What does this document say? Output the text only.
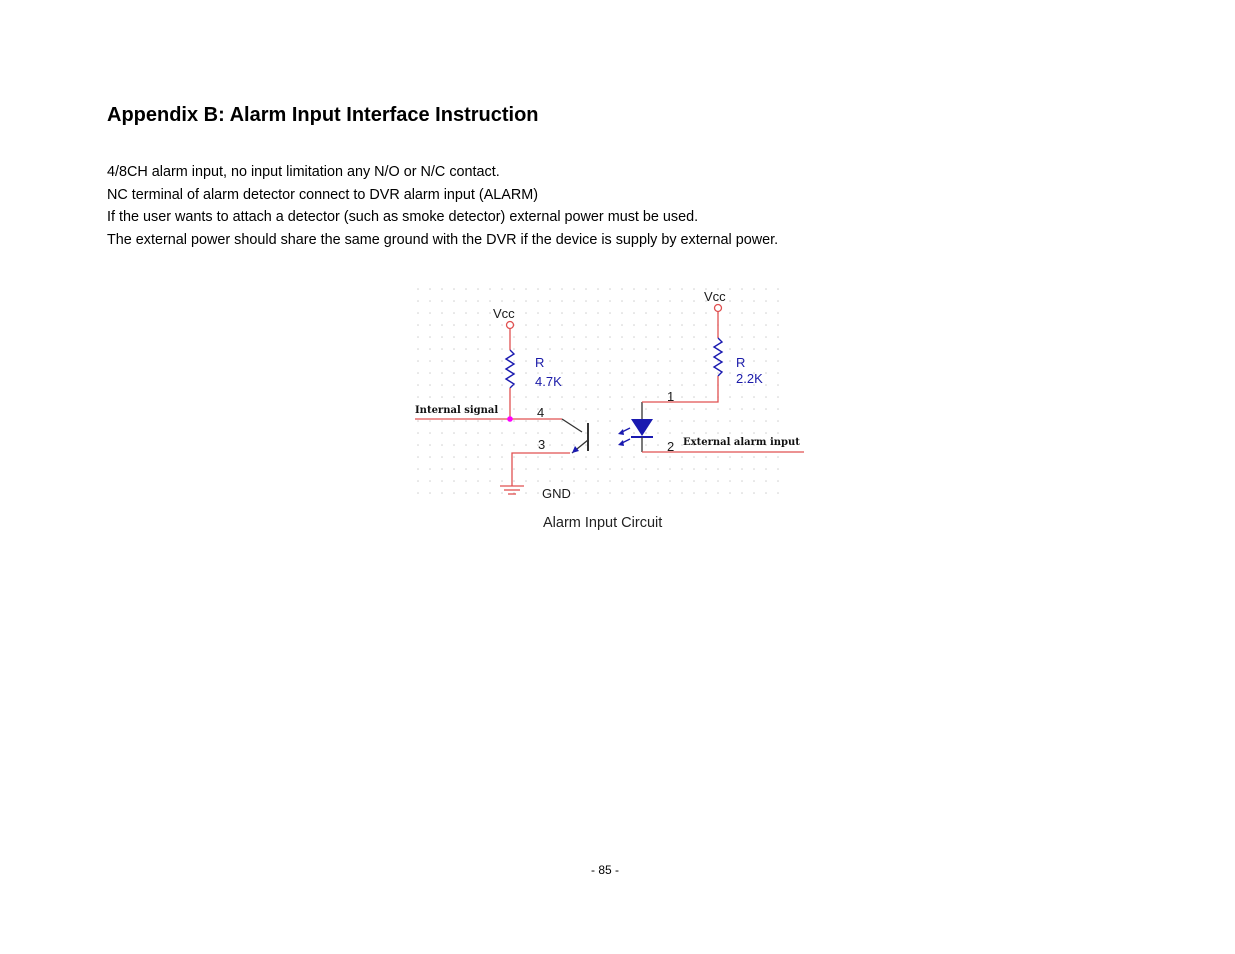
Appendix B: Alarm Input Interface Instruction

4/8CH alarm input, no input limitation any N/O or N/C contact.

NC terminal of alarm detector connect to DVR alarm input (ALARM)

If the user wants to attach a detector (such as smoke detector) external power must be used.

The external power should share the same ground with the DVR if the device is supply by external power.

Vcc
R
4.7K
Internal signal	4
3
GND
Vcc
R
2.2K
1
2 External alarm input
Alarm Input Circuit
- 85 -
